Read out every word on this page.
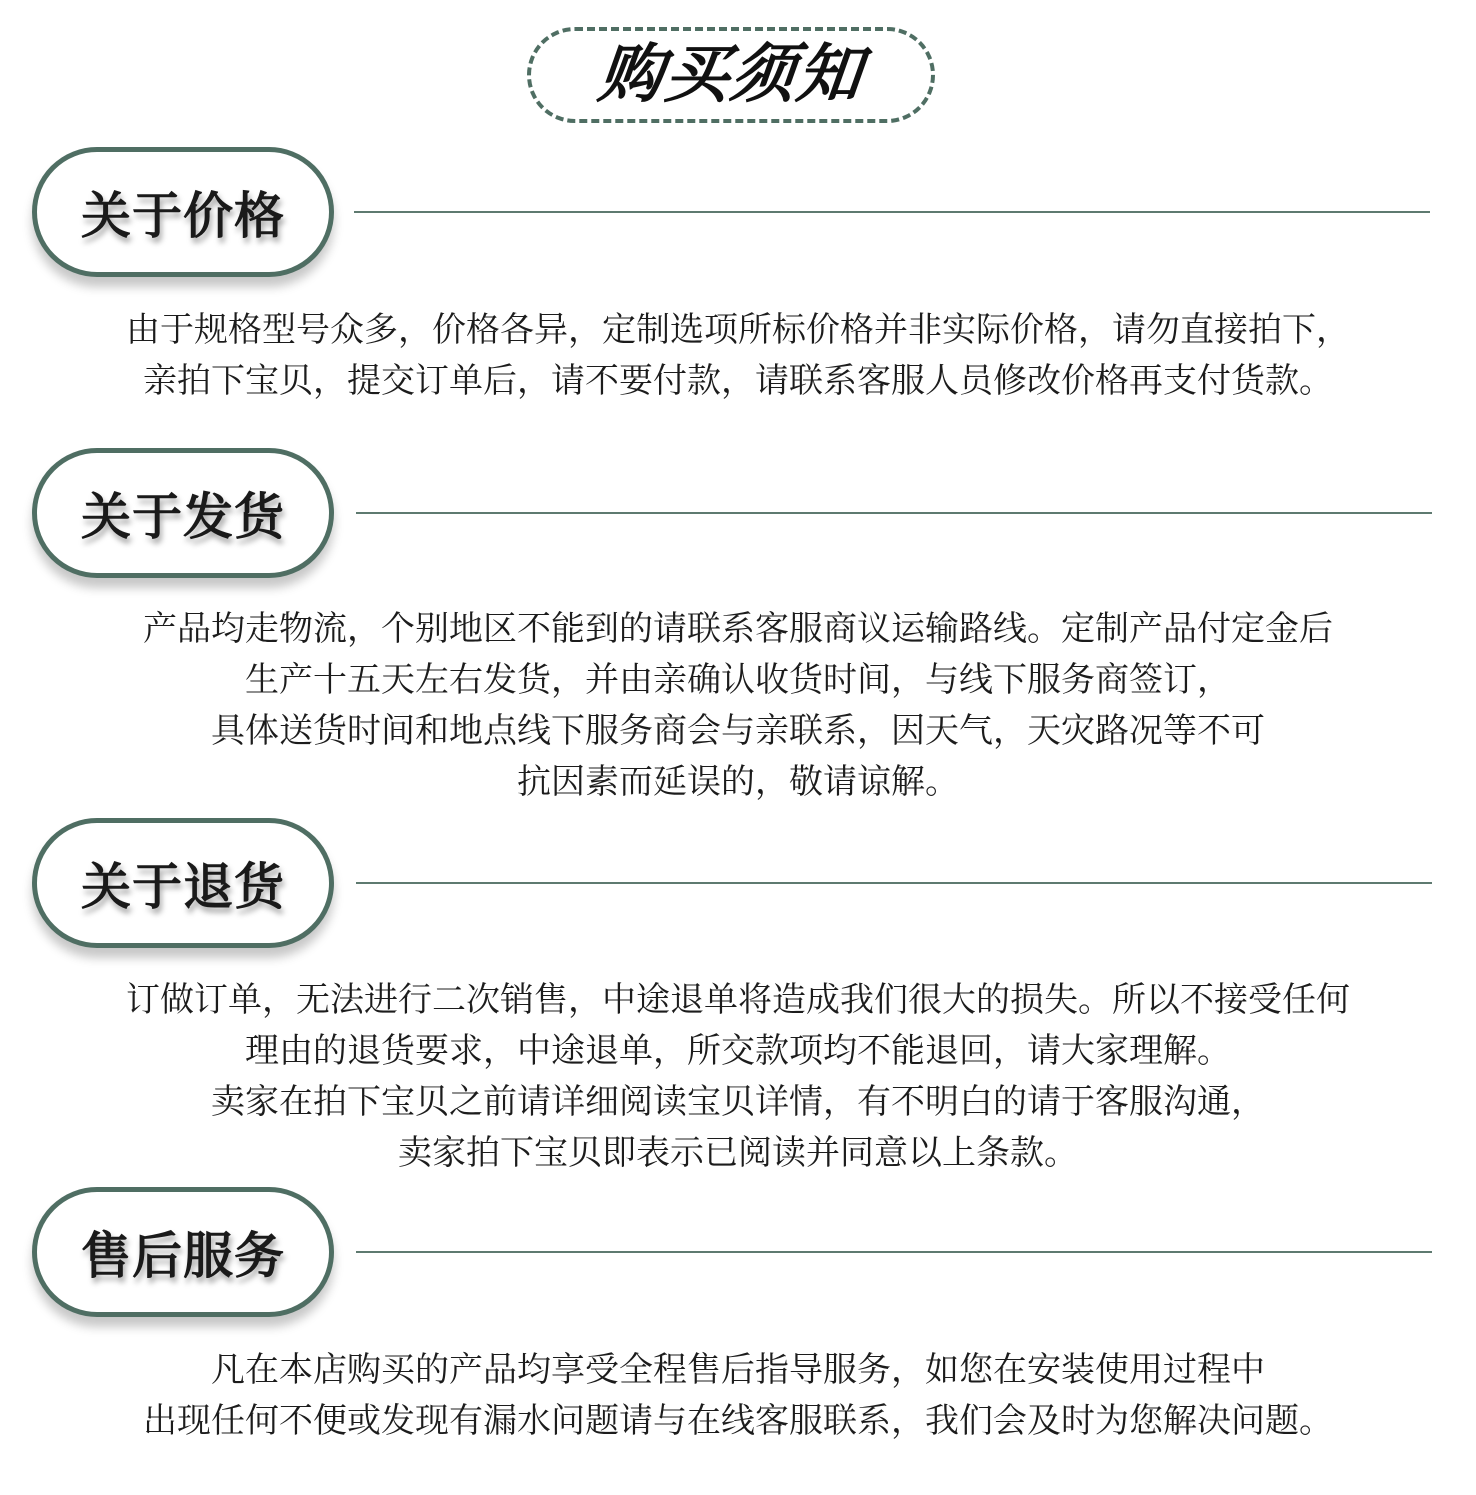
购买须知
关于价格
由于规格型号众多，价格各异，定制选项所标价格并非实际价格，请勿直接拍下，
亲拍下宝贝，提交订单后，请不要付款，请联系客服人员修改价格再支付货款。
关于发货
产品均走物流，个别地区不能到的请联系客服商议运输路线。定制产品付定金后
生产十五天左右发货，并由亲确认收货时间，与线下服务商签订，
具体送货时间和地点线下服务商会与亲联系，因天气，天灾路况等不可
抗因素而延误的，敬请谅解。
关于退货
订做订单，无法进行二次销售，中途退单将造成我们很大的损失。所以不接受任何
理由的退货要求，中途退单，所交款项均不能退回，请大家理解。
卖家在拍下宝贝之前请详细阅读宝贝详情，有不明白的请于客服沟通，
卖家拍下宝贝即表示已阅读并同意以上条款。
售后服务
凡在本店购买的产品均享受全程售后指导服务，如您在安装使用过程中
出现任何不便或发现有漏水问题请与在线客服联系，我们会及时为您解决问题。
